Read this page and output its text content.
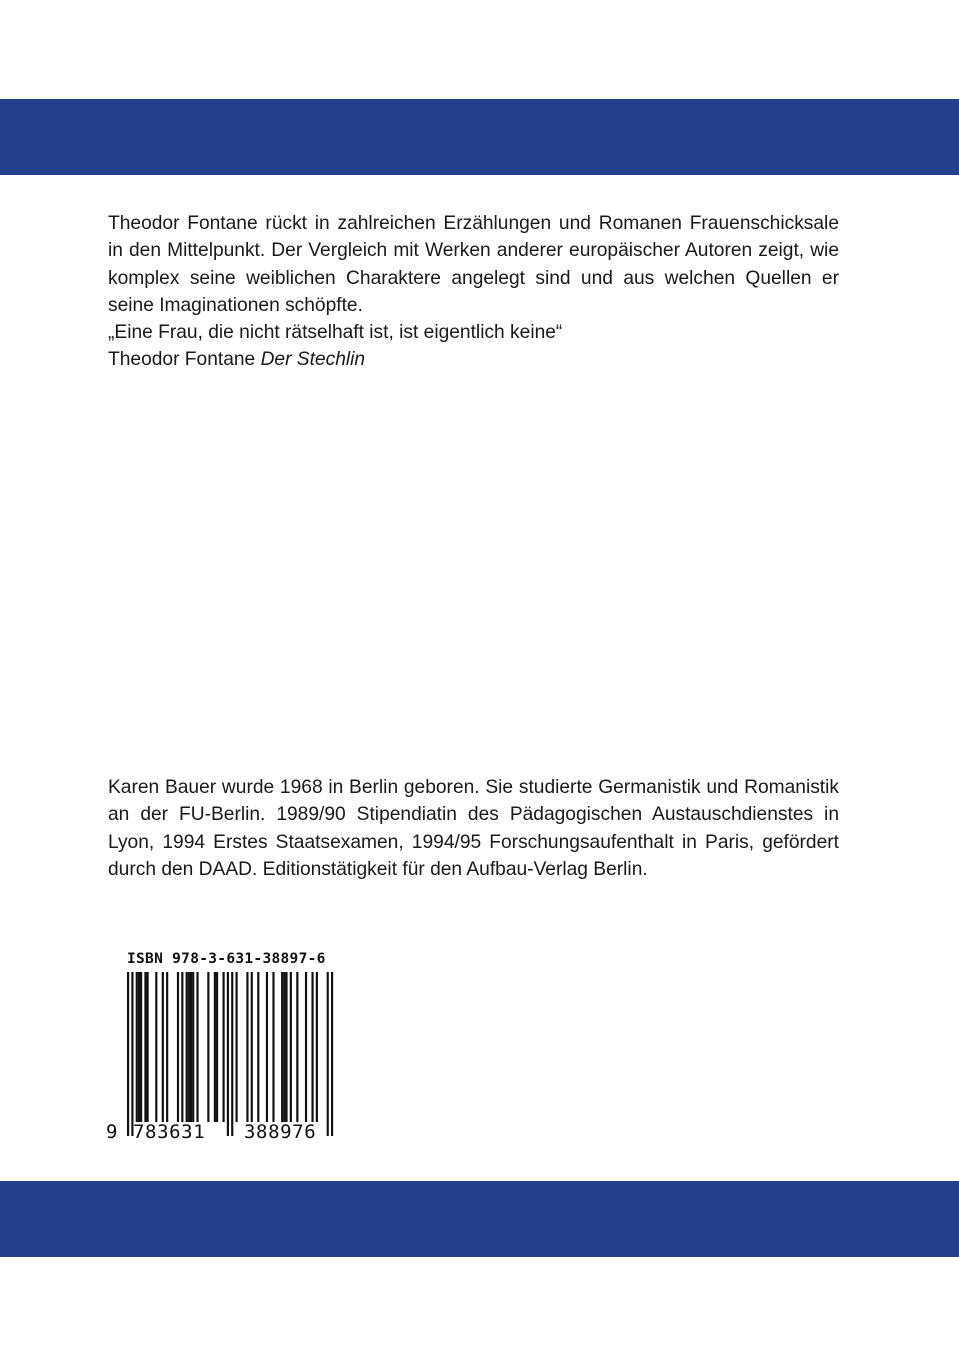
Theodor Fontane rückt in zahlreichen Erzählungen und Romanen Frauenschicksale in den Mittelpunkt. Der Vergleich mit Werken anderer europäischer Autoren zeigt, wie komplex seine weiblichen Charaktere angelegt sind und aus welchen Quellen er seine Imaginationen schöpfte.

„Eine Frau, die nicht rätselhaft ist, ist eigentlich keine“

Theodor Fontane Der Stechlin

Karen Bauer wurde 1968 in Berlin geboren. Sie studierte Germanistik und Romanistik an der FU-Berlin. 1989/90 Stipendiatin des Pädagogischen Austauschdienstes in Lyon, 1994 Erstes Staatsexamen, 1994/95 Forschungsaufenthalt in Paris, gefördert durch den DAAD. Editionstätigkeit für den Aufbau-Verlag Berlin.

ISBN 978-3-631-38897-6
9 783631 388976
